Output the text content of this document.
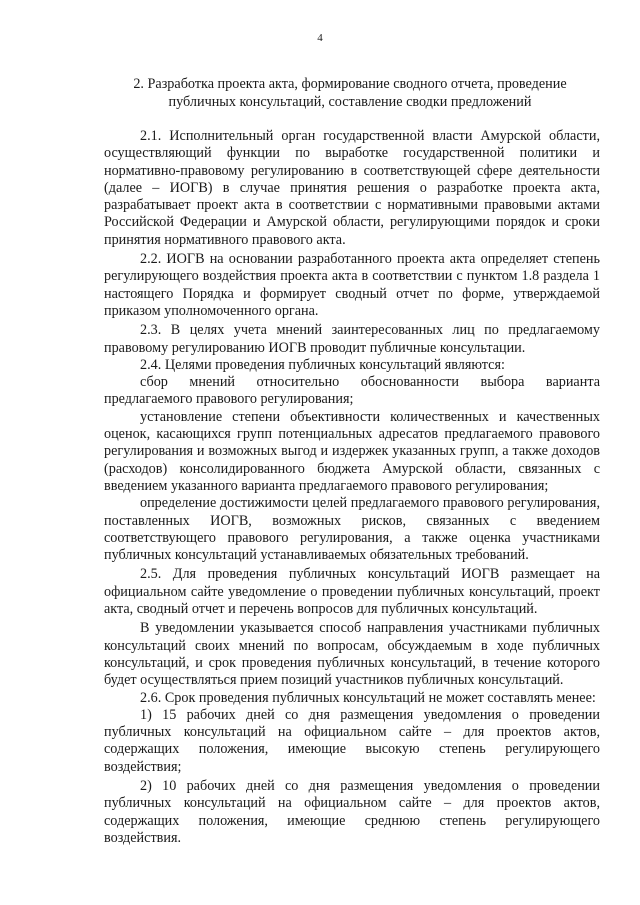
4
2. Разработка проекта акта, формирование сводного отчета, проведение публичных консультаций, составление сводки предложений

2.1. Исполнительный орган государственной власти Амурской области, осуществляющий функции по выработке государственной политики и нормативно-правовому регулированию в соответствующей сфере деятельности (далее – ИОГВ) в случае принятия решения о разработке проекта акта, разрабатывает проект акта в соответствии с нормативными правовыми актами Российской Федерации и Амурской области, регулирующими порядок и сроки принятия нормативного правового акта.

2.2. ИОГВ на основании разработанного проекта акта определяет степень регулирующего воздействия проекта акта в соответствии с пунктом 1.8 раздела 1 настоящего Порядка и формирует сводный отчет по форме, утверждаемой приказом уполномоченного органа.

2.3. В целях учета мнений заинтересованных лиц по предлагаемому правовому регулированию ИОГВ проводит публичные консультации.

2.4. Целями проведения публичных консультаций являются:

сбор мнений относительно обоснованности выбора варианта предлагаемого правового регулирования;

установление степени объективности количественных и качественных оценок, касающихся групп потенциальных адресатов предлагаемого правового регулирования и возможных выгод и издержек указанных групп, а также доходов (расходов) консолидированного бюджета Амурской области, связанных с введением указанного варианта предлагаемого правового регулирования;

определение достижимости целей предлагаемого правового регулирования, поставленных ИОГВ, возможных рисков, связанных с введением соответствующего правового регулирования, а также оценка участниками публичных консультаций устанавливаемых обязательных требований.

2.5. Для проведения публичных консультаций ИОГВ размещает на официальном сайте уведомление о проведении публичных консультаций, проект акта, сводный отчет и перечень вопросов для публичных консультаций.

В уведомлении указывается способ направления участниками публичных консультаций своих мнений по вопросам, обсуждаемым в ходе публичных консультаций, и срок проведения публичных консультаций, в течение которого будет осуществляться прием позиций участников публичных консультаций.

2.6. Срок проведения публичных консультаций не может составлять менее:

1) 15 рабочих дней со дня размещения уведомления о проведении публичных консультаций на официальном сайте – для проектов актов, содержащих положения, имеющие высокую степень регулирующего воздействия;

2) 10 рабочих дней со дня размещения уведомления о проведении публичных консультаций на официальном сайте – для проектов актов, содержащих положения, имеющие среднюю степень регулирующего воздействия.
